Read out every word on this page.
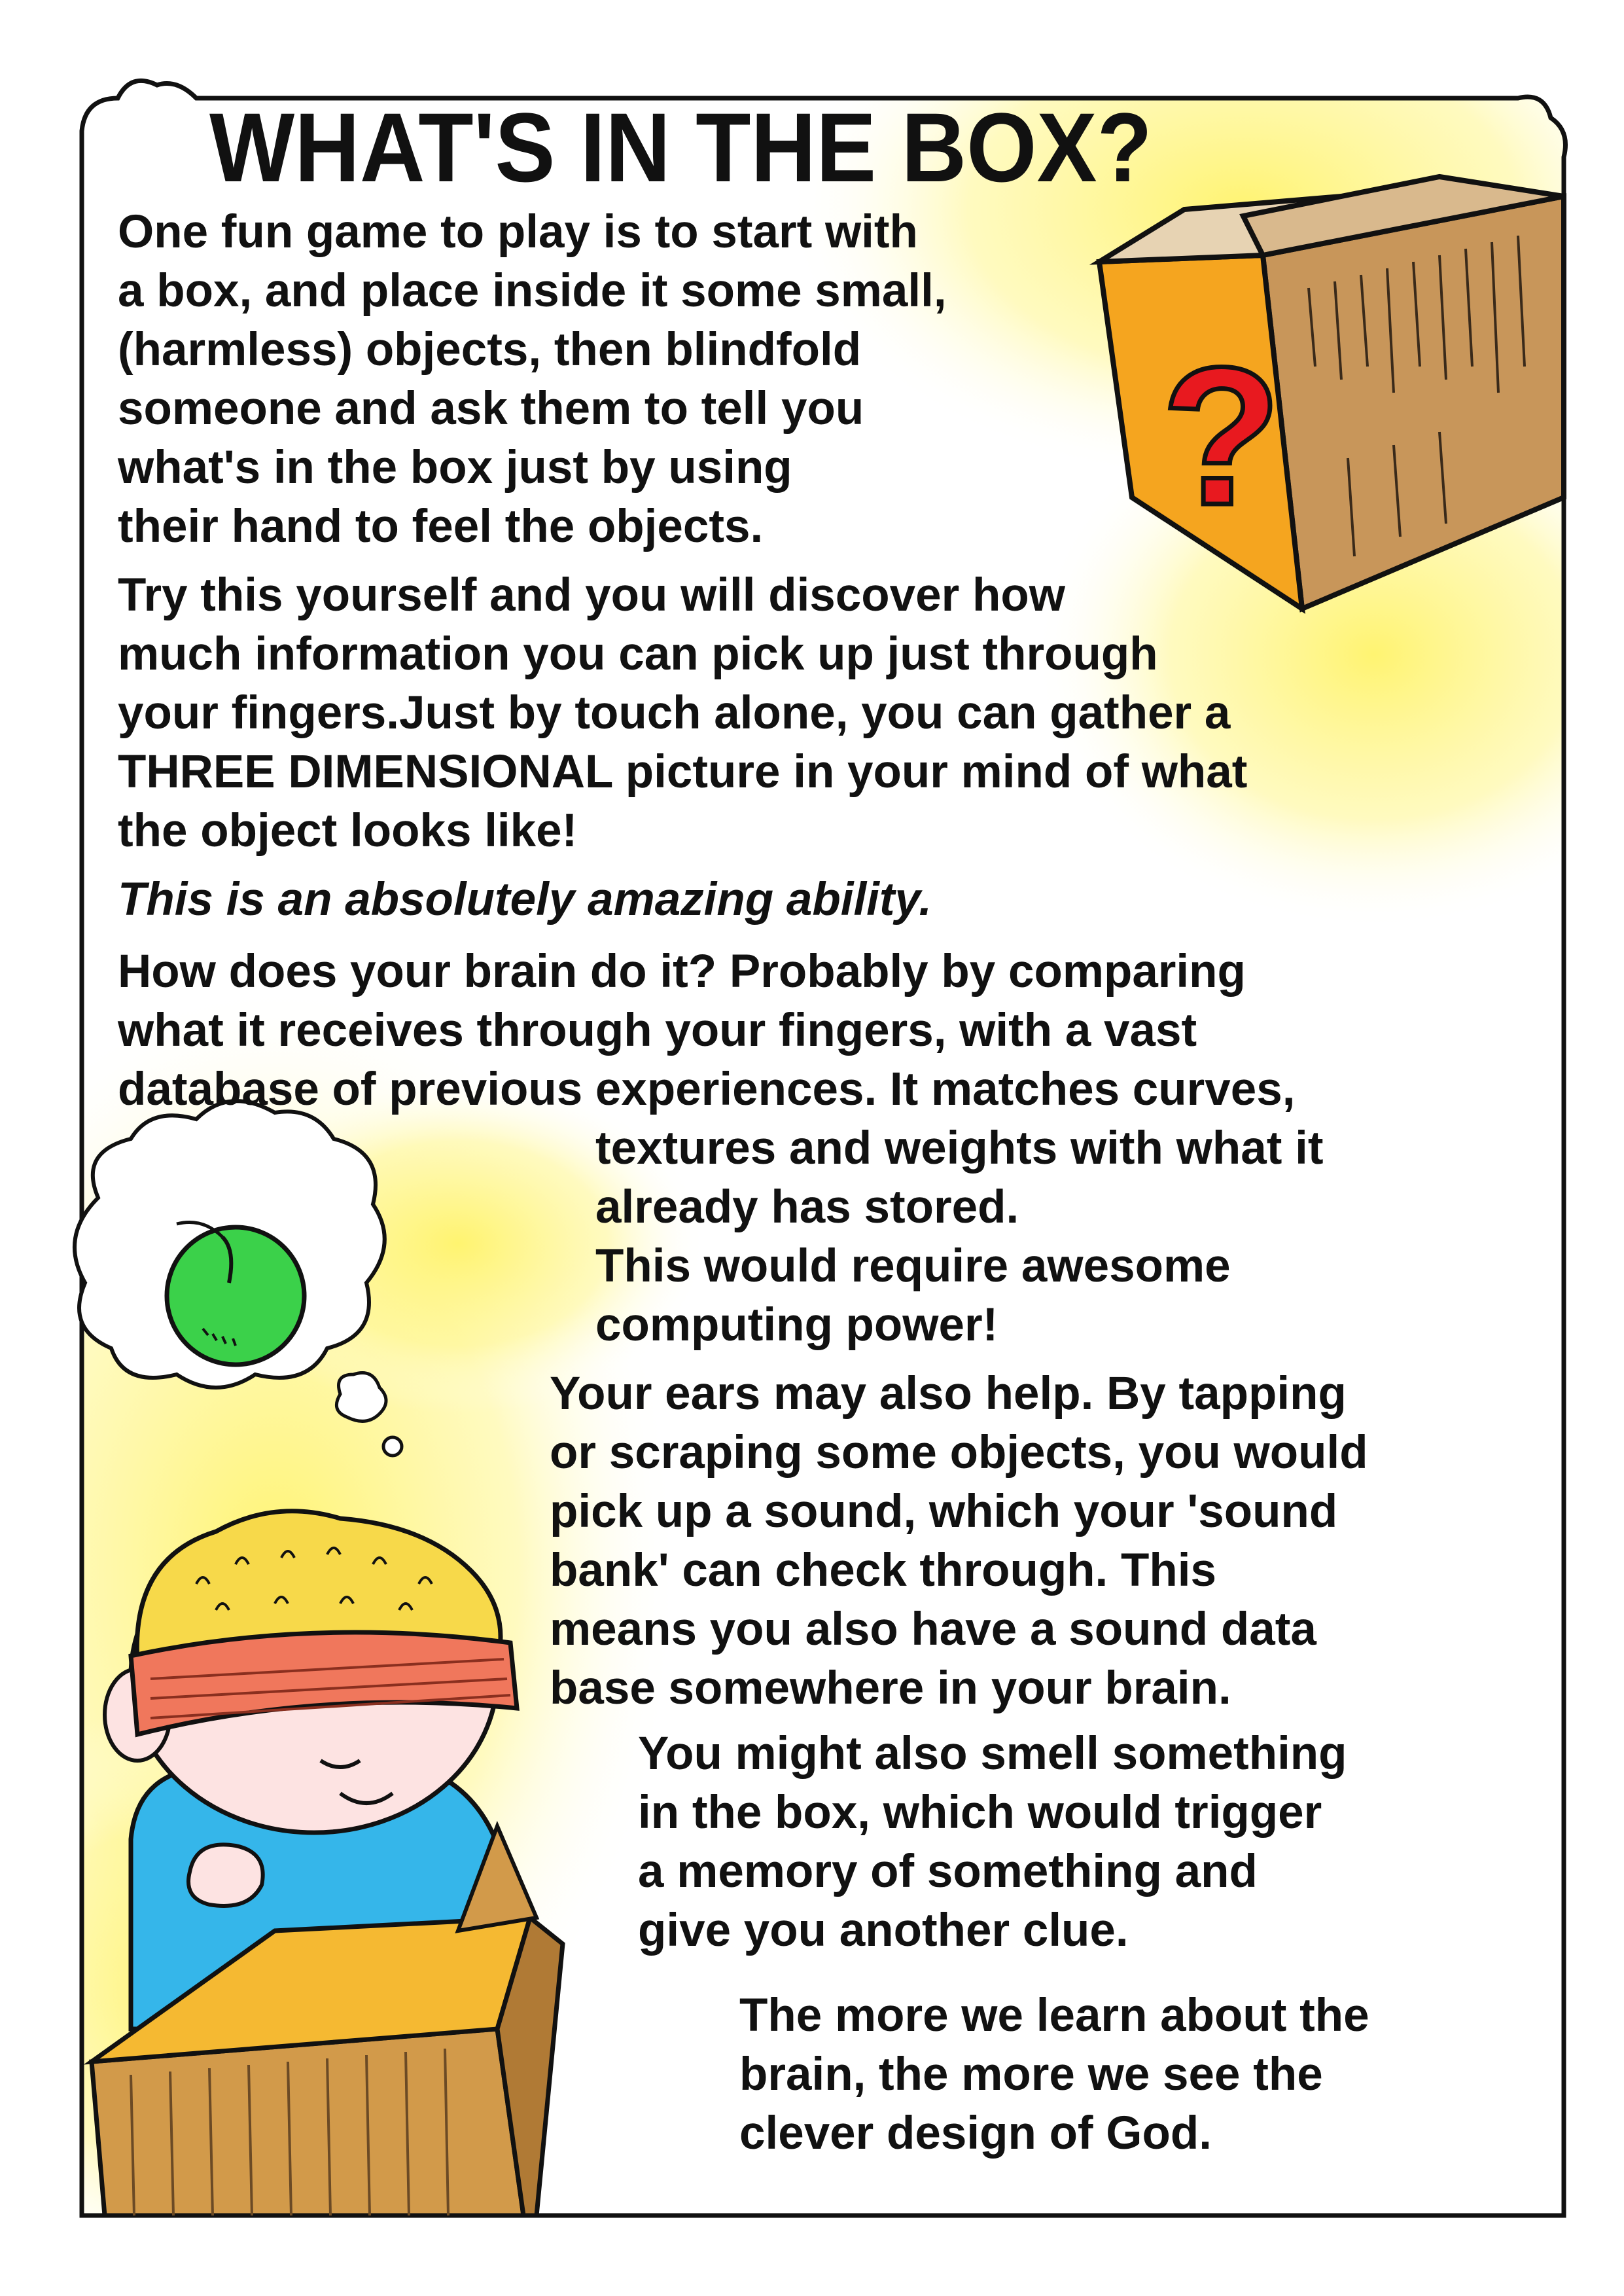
?
WHAT'S IN THE BOX?
One fun game to play is to start with
a box, and place inside it some small,
(harmless) objects, then blindfold
someone and ask them to tell you
what's in the box just by using
their hand to feel the objects.
Try this yourself and you will discover how
much information you can pick up just through
your fingers.Just by touch alone, you can gather a
THREE DIMENSIONAL picture in your mind of what
the object looks like!
This is an absolutely amazing ability.
How does your brain do it? Probably by comparing
what it receives through your fingers, with a vast
database of previous experiences. It matches curves,
textures and weights with what it
already has stored.
This would require awesome
computing power!
Your ears may also help. By tapping
or scraping some objects, you would
pick up a sound, which your 'sound
bank' can check through. This
means you also have a sound data
base somewhere in your brain.
You might also smell something
in the box, which would trigger
a memory of something and
give you another clue.
The more we learn about the
brain, the more we see the
clever design of God.
